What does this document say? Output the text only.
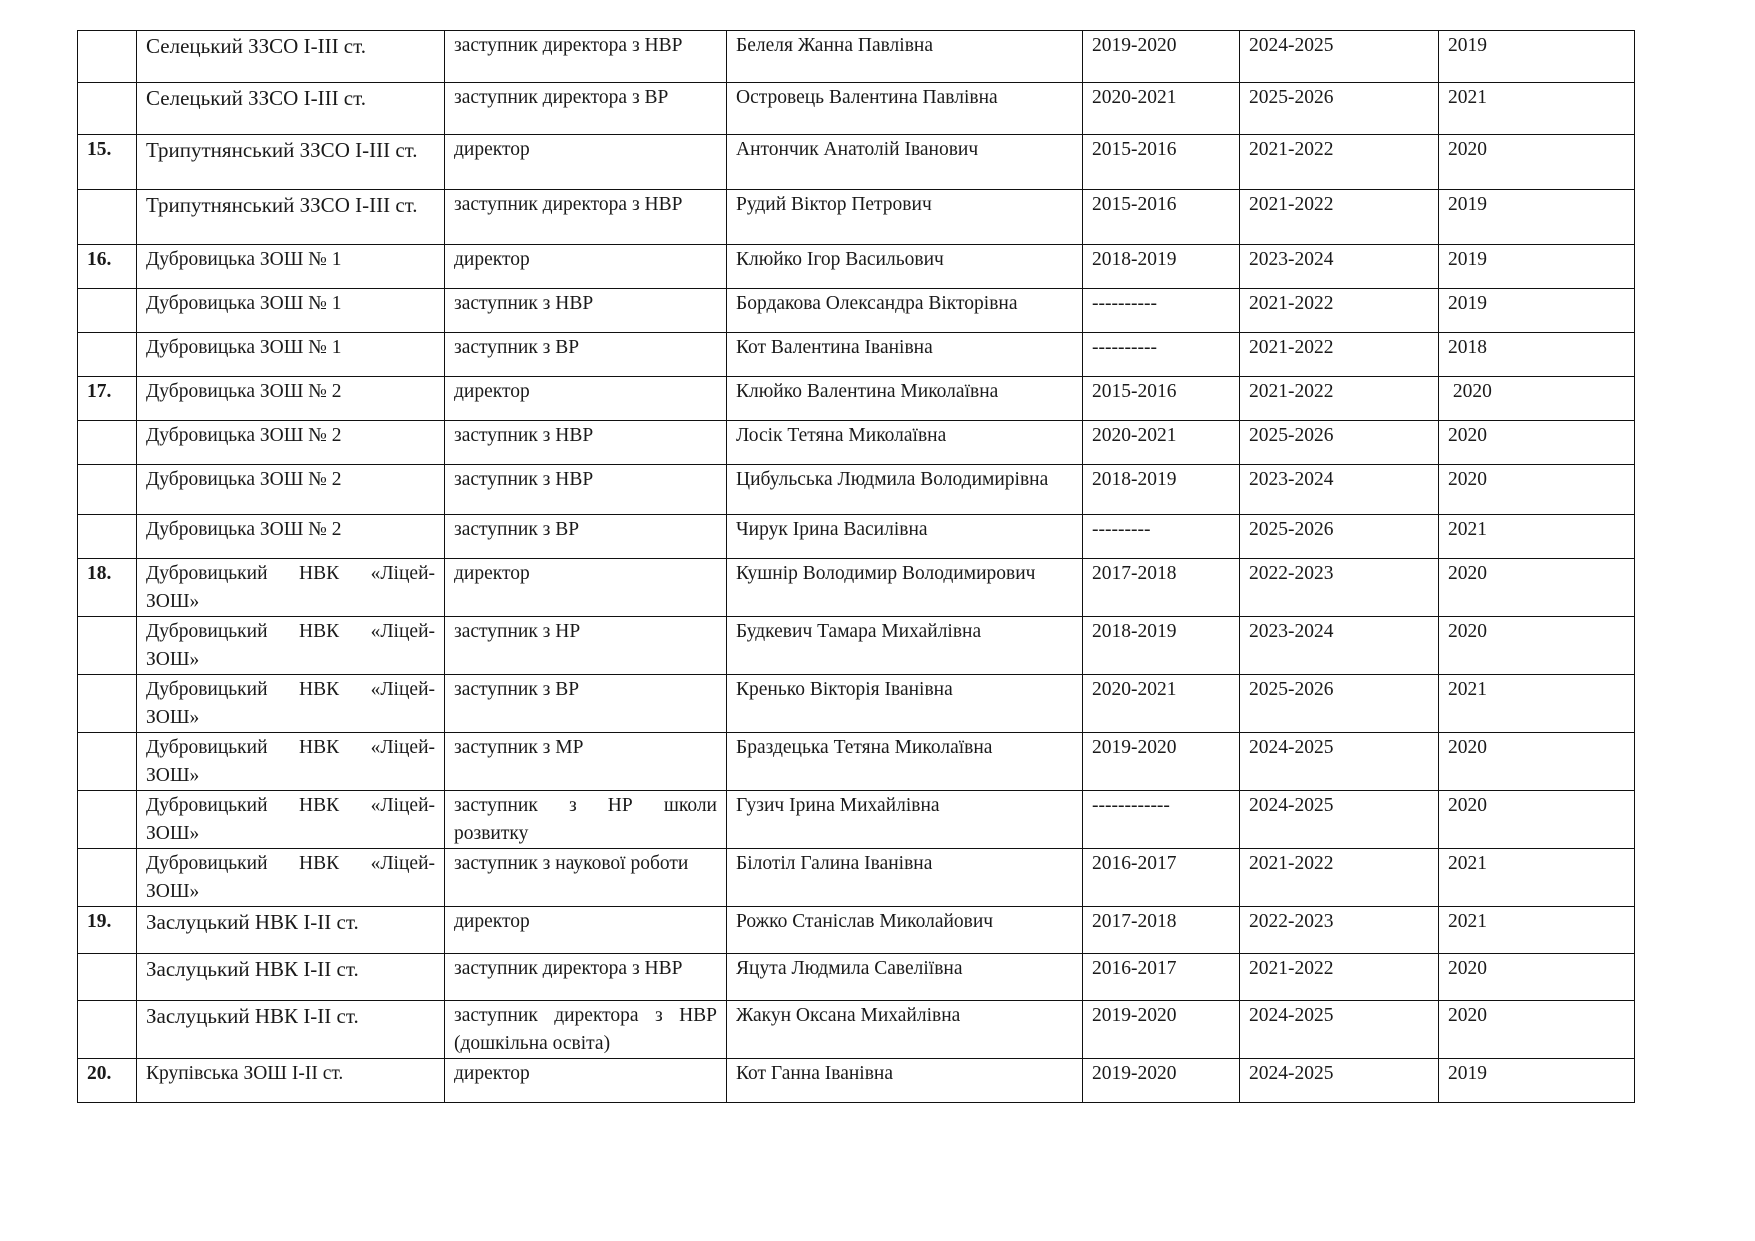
	Селецький ЗЗСО І-ІІІ ст.	заступник директора з НВР	Белеля Жанна Павлівна	2019-2020	2024-2025	2019
	Селецький ЗЗСО І-ІІІ ст.	заступник директора з ВР	Островець Валентина Павлівна	2020-2021	2025-2026	2021
15.	Трипутнянський ЗЗСО І-ІІІ ст.	директор	Антончик Анатолій Іванович	2015-2016	2021-2022	2020
	Трипутнянський ЗЗСО І-ІІІ ст.	заступник директора з НВР	Рудий Віктор Петрович	2015-2016	2021-2022	2019
16.	Дубровицька ЗОШ № 1	директор	Клюйко Ігор Васильович	2018-2019	2023-2024	2019
	Дубровицька ЗОШ № 1	заступник з НВР	Бордакова Олександра Вікторівна	----------	2021-2022	2019
	Дубровицька ЗОШ № 1	заступник з ВР	Кот Валентина Іванівна	----------	2021-2022	2018
17.	Дубровицька ЗОШ № 2	директор	Клюйко Валентина Миколаївна	2015-2016	2021-2022	2020
	Дубровицька ЗОШ № 2	заступник з НВР	Лосік Тетяна Миколаївна	2020-2021	2025-2026	2020
	Дубровицька ЗОШ № 2	заступник з НВР	Цибульська Людмила Володимирівна	2018-2019	2023-2024	2020
	Дубровицька ЗОШ № 2	заступник з ВР	Чирук Ірина Василівна	---------	2025-2026	2021
18.	Дубровицький НВК «Ліцей-ЗОШ»	директор	Кушнір Володимир Володимирович	2017-2018	2022-2023	2020
	Дубровицький НВК «Ліцей-ЗОШ»	заступник з НР	Будкевич Тамара Михайлівна	2018-2019	2023-2024	2020
	Дубровицький НВК «Ліцей-ЗОШ»	заступник з ВР	Кренько Вікторія Іванівна	2020-2021	2025-2026	2021
	Дубровицький НВК «Ліцей-ЗОШ»	заступник з МР	Браздецька Тетяна Миколаївна	2019-2020	2024-2025	2020
	Дубровицький НВК «Ліцей-ЗОШ»	заступник з НР школи розвитку	Гузич Ірина Михайлівна	------------	2024-2025	2020
	Дубровицький НВК «Ліцей-ЗОШ»	заступник з наукової роботи	Білотіл Галина Іванівна	2016-2017	2021-2022	2021
19.	Заслуцький НВК І-ІІ ст.	директор	Рожко Станіслав Миколайович	2017-2018	2022-2023	2021
	Заслуцький НВК І-ІІ ст.	заступник директора з НВР	Яцута Людмила Савеліївна	2016-2017	2021-2022	2020
	Заслуцький НВК І-ІІ ст.	заступник директора з НВР (дошкільна освіта)	Жакун Оксана Михайлівна	2019-2020	2024-2025	2020
20.	Крупівська ЗОШ І-ІІ ст.	директор	Кот Ганна Іванівна	2019-2020	2024-2025	2019
